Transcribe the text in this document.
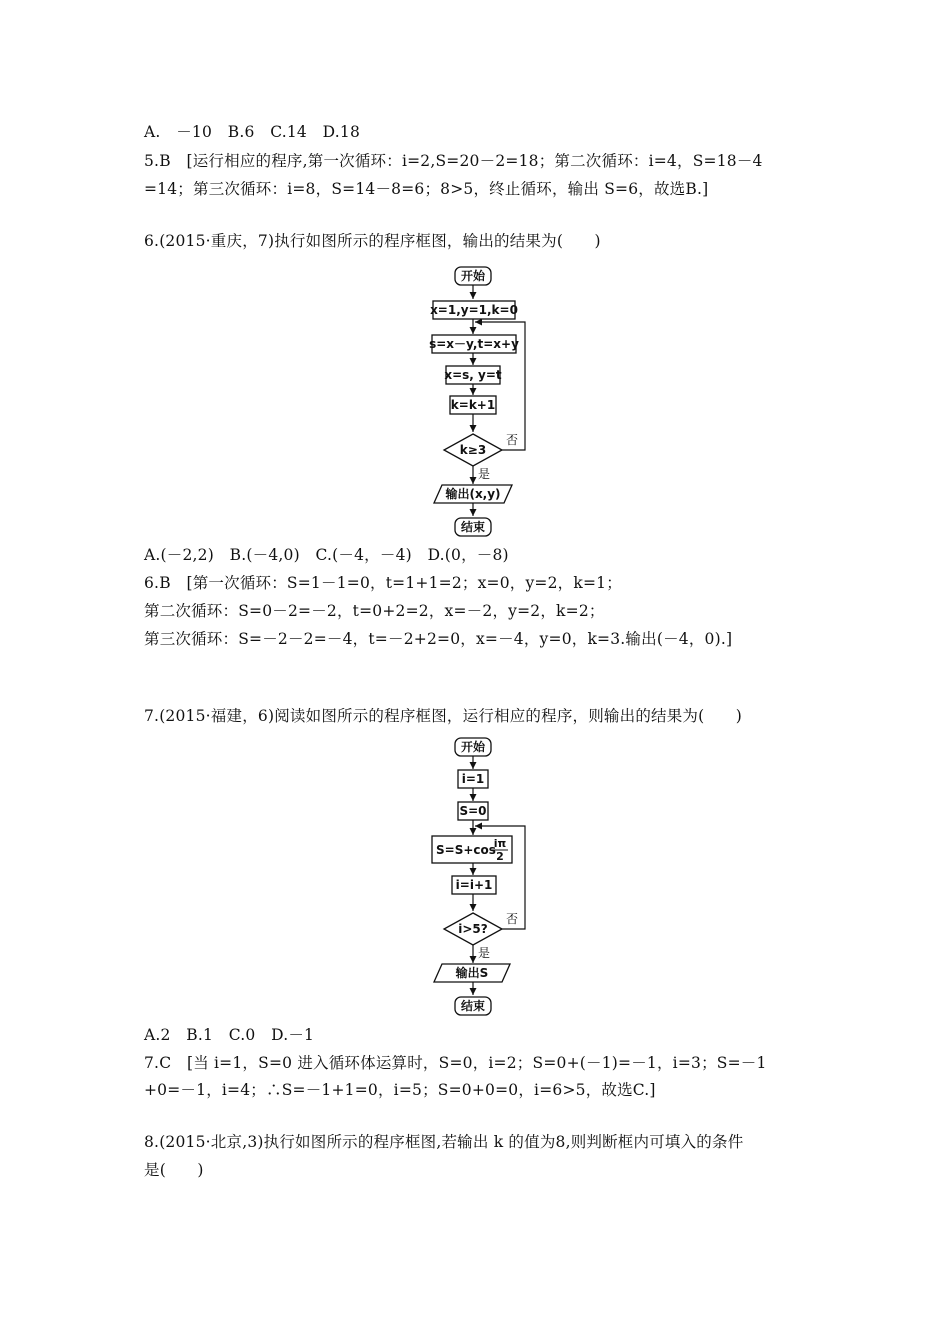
A.　－10　B.6　C.14　D.18
5.B　[运行相应的程序,第一次循环：i=2,S=20－2=18；第二次循环：i=4，S=18－4
=14；第三次循环：i=8，S=14－8=6；8>5，终止循环，输出 S=6，故选B.]
6.(2015·重庆，7)执行如图所示的程序框图，输出的结果为(　　)
开始
x=1,y=1,k=0
s=x－y,t=x+y
x=s, y=t
k=k+1
k≥3
否
是
输出(x,y)
结束
A.(－2,2)　B.(－4,0)　C.(－4，－4)　D.(0，－8)
6.B　[第一次循环：S=1－1=0，t=1+1=2；x=0，y=2，k=1；
第二次循环：S=0－2=－2，t=0+2=2，x=－2，y=2，k=2；
第三次循环：S=－2－2=－4，t=－2+2=0，x=－4，y=0，k=3.输出(－4，0).]
7.(2015·福建，6)阅读如图所示的程序框图，运行相应的程序，则输出的结果为(　　)
开始
i=1
S=0
S=S+cos
iπ
2
i=i+1
i>5?
否
是
输出S
结束
A.2　B.1　C.0　D.－1
7.C　[当 i=1，S=0 进入循环体运算时，S=0，i=2；S=0+(－1)=－1，i=3；S=－1
+0=－1，i=4；∴S=－1+1=0，i=5；S=0+0=0，i=6>5，故选C.]
8.(2015·北京,3)执行如图所示的程序框图,若输出 k 的值为8,则判断框内可填入的条件
是(　　)
